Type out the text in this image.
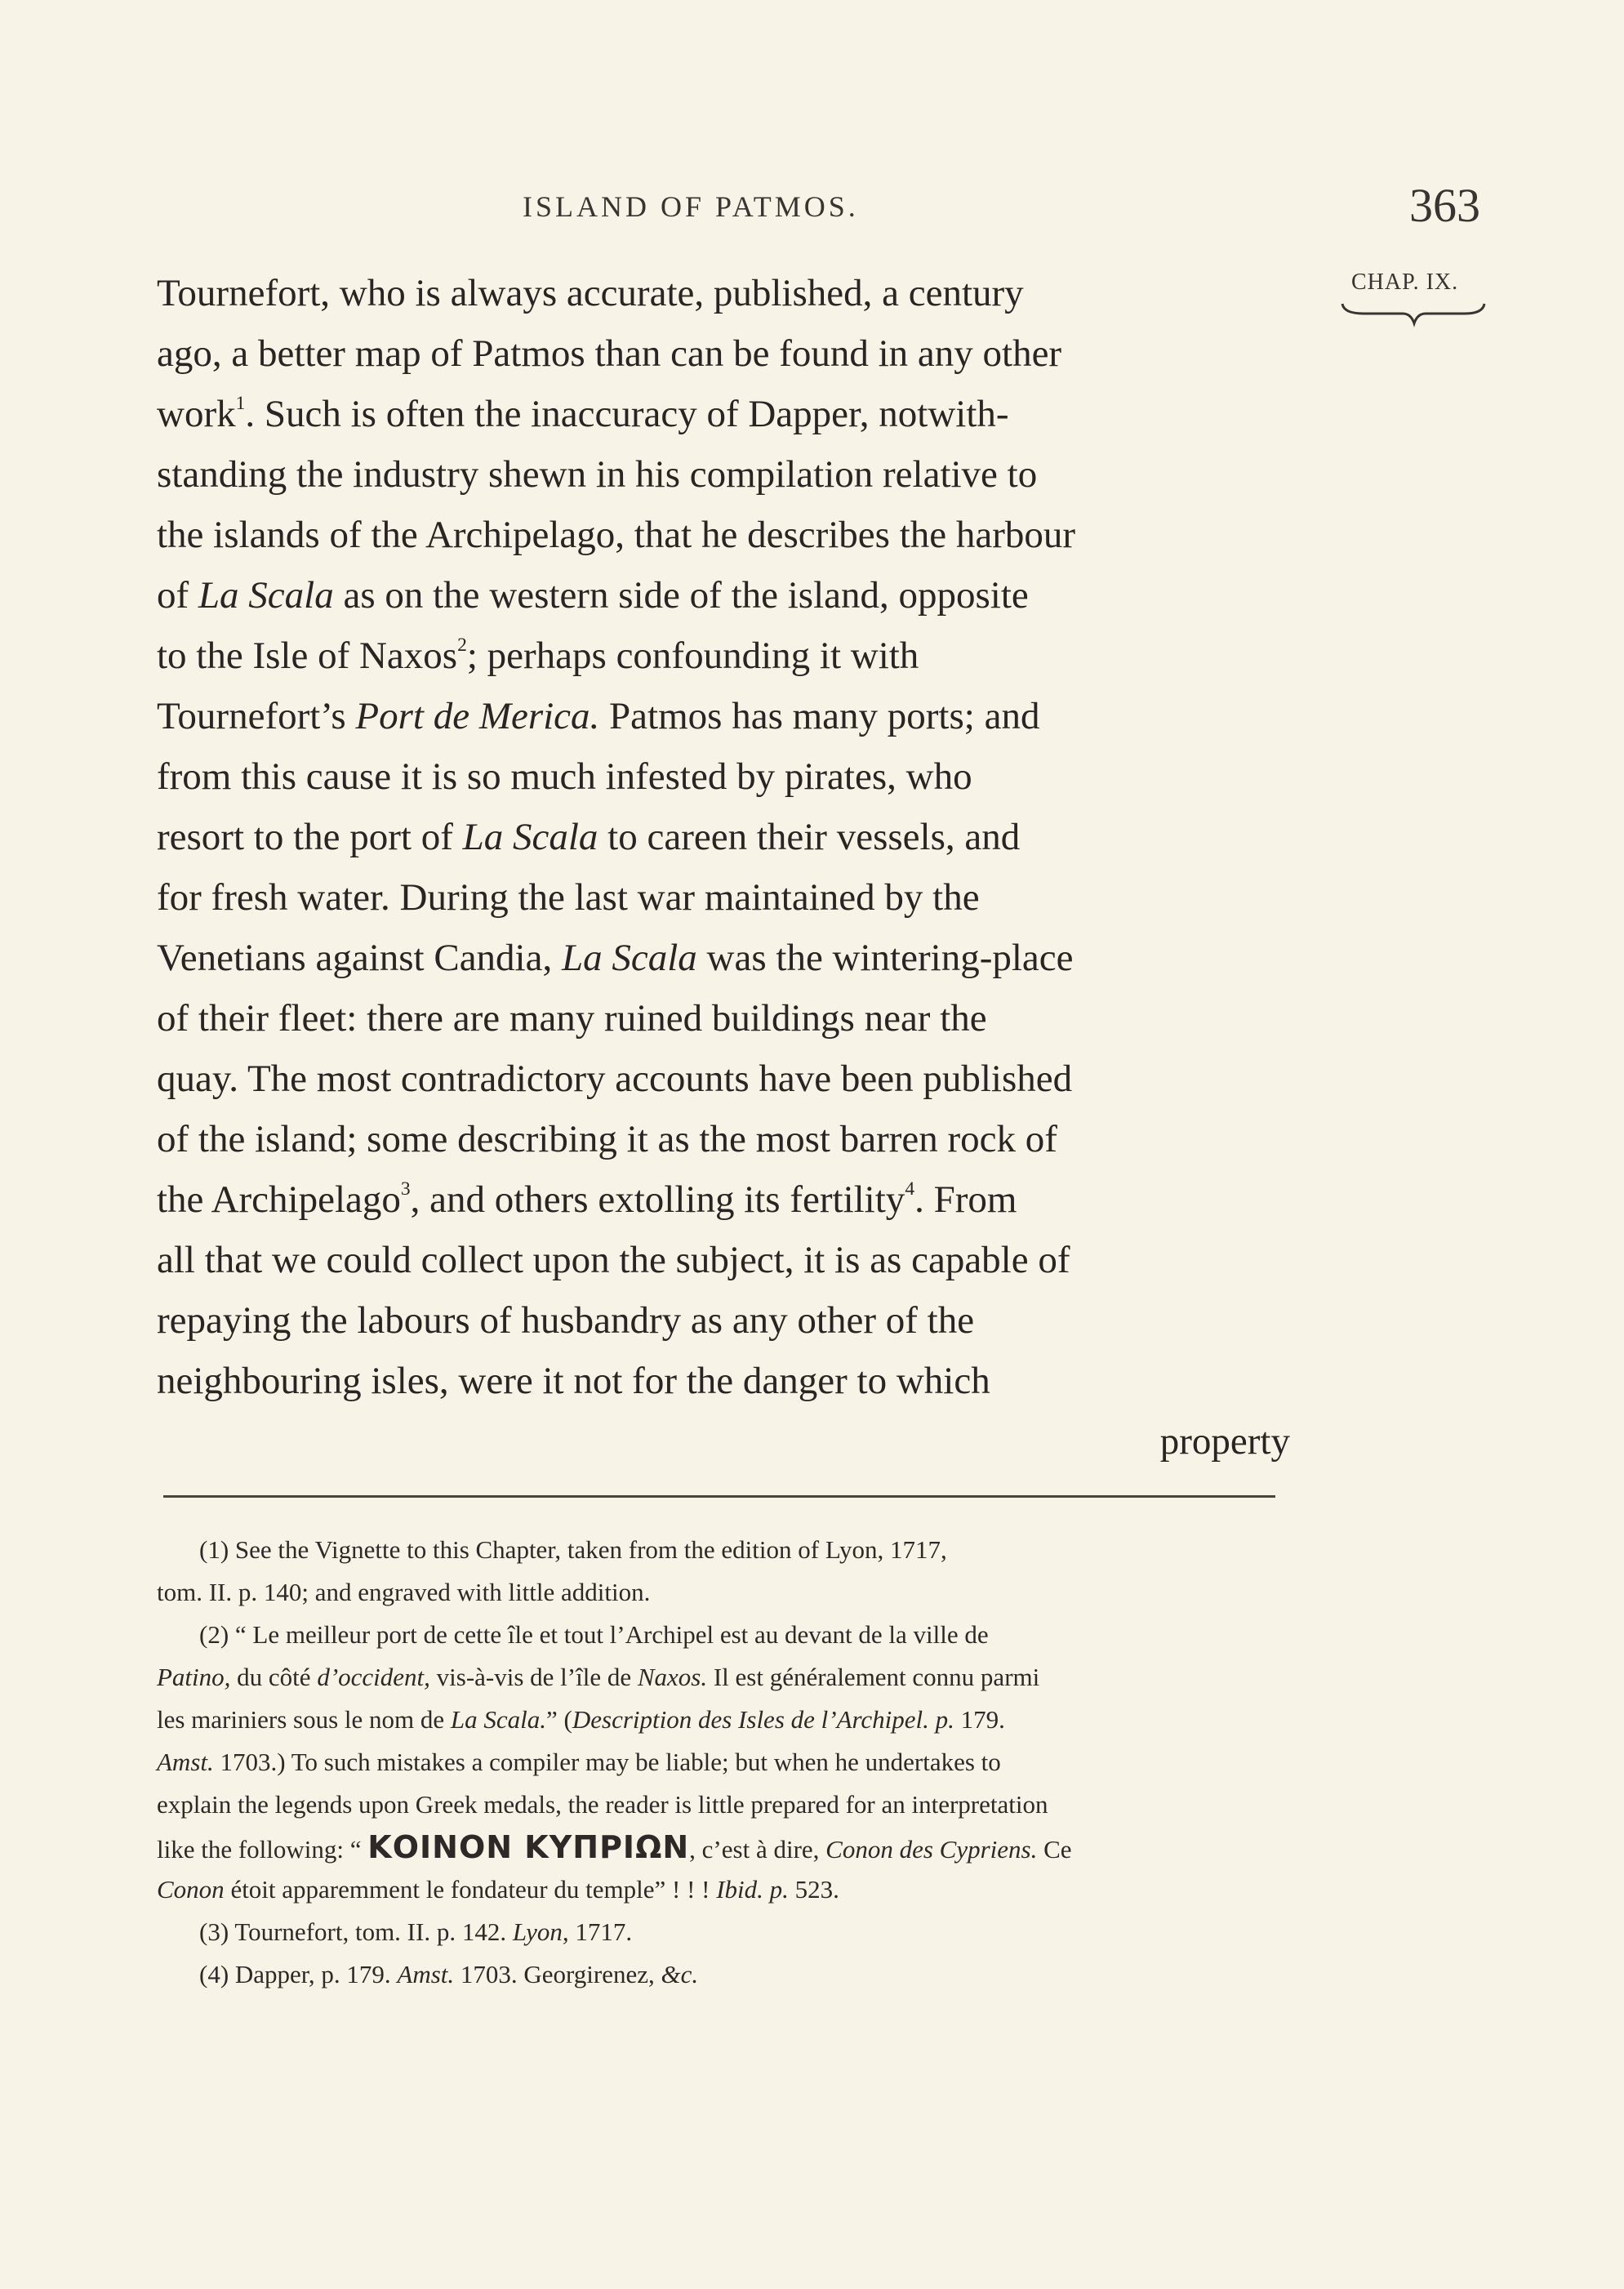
ISLAND OF PATMOS.	363
CHAP. IX.
Tournefort, who is always accurate, published, a century
ago, a better map of Patmos than can be found in any other
work$^1$. Such is often the inaccuracy of Dapper, notwith-
standing the industry shewn in his compilation relative to
the islands of the Archipelago, that he describes the harbour
of La Scala as on the western side of the island, opposite
to the Isle of Naxos$^2$; perhaps confounding it with
Tournefort’s Port de Merica. Patmos has many ports; and
from this cause it is so much infested by pirates, who
resort to the port of La Scala to careen their vessels, and
for fresh water. During the last war maintained by the
Venetians against Candia, La Scala was the wintering-place
of their fleet: there are many ruined buildings near the
quay. The most contradictory accounts have been published
of the island; some describing it as the most barren rock of
the Archipelago$^3$, and others extolling its fertility$^4$. From
all that we could collect upon the subject, it is as capable of
repaying the labours of husbandry as any other of the
neighbouring isles, were it not for the danger to which
property
(1) See the Vignette to this Chapter, taken from the edition of Lyon, 1717,
tom. II. p. 140; and engraved with little addition.
(2) “ Le meilleur port de cette île et tout l’Archipel est au devant de la ville de
Patino, du côté d’occident, vis-à-vis de l’île de Naxos. Il est généralement connu parmi
les mariniers sous le nom de La Scala.” (Description des Isles de l’Archipel. p. 179.
Amst. 1703.) To such mistakes a compiler may be liable; but when he undertakes to
explain the legends upon Greek medals, the reader is little prepared for an interpretation
like the following: “ ΚΟΙΝΟΝ ΚΥΠΡΙΩΝ, c’est à dire, Conon des Cypriens. Ce
Conon étoit apparemment le fondateur du temple” ! ! ! Ibid. p. 523.
(3) Tournefort, tom. II. p. 142. Lyon, 1717.
(4) Dapper, p. 179. Amst. 1703. Georgirenez, &c.
